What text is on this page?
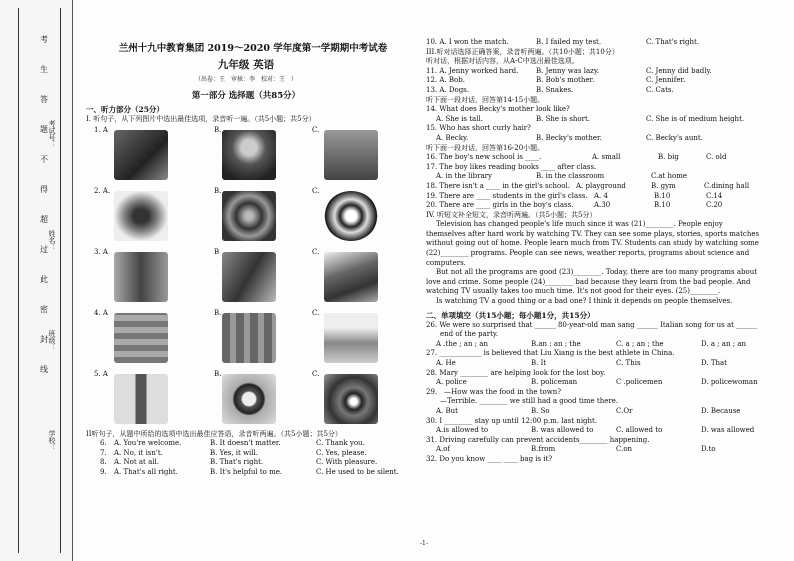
考
生
答
题
不
得
超
过
此
密
封
线
考试号：
姓名：
班级：
学校：
兰州十九中教育集团 2019～2020 学年度第一学期期中考试卷
九年级 英语
（出卷：王　审核：李　校对：王　）
第一部分 选择题（共85分）
一、听力部分（25分）
I. 听句子，从下列图片中选出最佳选项，录音听一遍。（共5小题；共5分）
1. A	B.	C.
2. A.	B.	C.
3. A	B	C.
4. A	B.	C.
5. A	B.	C.
II听句子，从题中所给的选项中选出最佳应答语，录音听两遍。（共5小题；共5分）
6. A. You're welcome.	B. It doesn't matter.	C. Thank you.
7. A. No, it isn't.	B. Yes, it will.	C. Yes, please.
8. A. Not at all.	B. That's right.	C. With pleasure.
9. A. That's all right.	B. It's helpful to me.	C. He used to be silent.
10. A. I won the match.	B. I failed my test.	C. That's right.
III.听对话选择正确答案，录音听两遍。（共10小题；共10分）
听对话，根据对话内容，从A-C中选出最佳选项。
11. A. Jenny worked hard.	B. Jenny was lazy.	C. Jenny did badly.
12. A. Bob.	B. Bob's mother.	C. Jennifer.
13. A. Dogs.	B. Snakes.	C. Cats.
听下面一段对话，回答第14-15小题。
14. What does Becky's mother look like?
A. She is tall.	B. She is short.	C. She is of medium height.
15. Who has short curly hair?
A. Becky.	B. Becky's mother.	C. Becky's aunt.
听下面一段对话，回答第16-20小题。
16. The boy's new school is ____.	A. small	B. big	C. old
17. The boy likes reading books ____ after class.
A. in the library	B. in the classroom	C.at home
18. There isn't a ____ in the girl's school. A. playground	B. gym	C.dining hall
19. There are ____ students in the girl's class. A. 4	B.10	C.14
20. There are ____ girls in the boy's class.	A.30	B.10	C.20
IV. 听短文补全短文，录音听两遍。（共5小题；共5分）
Television has changed people's life much since it was (21)________. People enjoy
themselves after hard work by watching TV. They can see some plays, stories, sports matches
without going out of home. People learn much from TV. Students can study by watching some
(22)________ programs. People can see news, weather reports, programs about science and
computers.
But not all the programs are good (23)________. Today, there are too many programs about
love and crime. Some people (24)________ bad because they learn from the bad people. And
watching TV usually takes too much time. It's not good for their eyes. (25)________.
Is watching TV a good thing or a bad one? I think it depends on people themselves.
二、单项填空（共15小题；每小题1分，共15分）
26. We were so surprised that ______ 80-year-old man sang ______ Italian song for us at ______
end of the party.
A .the ; an ; an	B.an ; an ; the	C. a ; an ; the	D. a ; an ; an
27. ____________ is believed that Liu Xiang is the best athlete in China.
A. He	B. It	C. This	D. That
28. Mary ________ are helping look for the lost boy.
A. police	B. policeman	C .policemen	D. policewoman
29.　—How was the food in the town?
　　—Terrible. ________ we still had a good time there.
A. But	B. So	C.Or	D. Because
30. I ________ stay up until 12:00 p.m. last night.
A.is allowed to	B. was allowed to	C. allowed to	D. was allowed
31. Driving carefully can prevent accidents________ happening.
A.of	B.from	C.on	D.to
32. Do you know ____ ____ bag is it?
-1-
